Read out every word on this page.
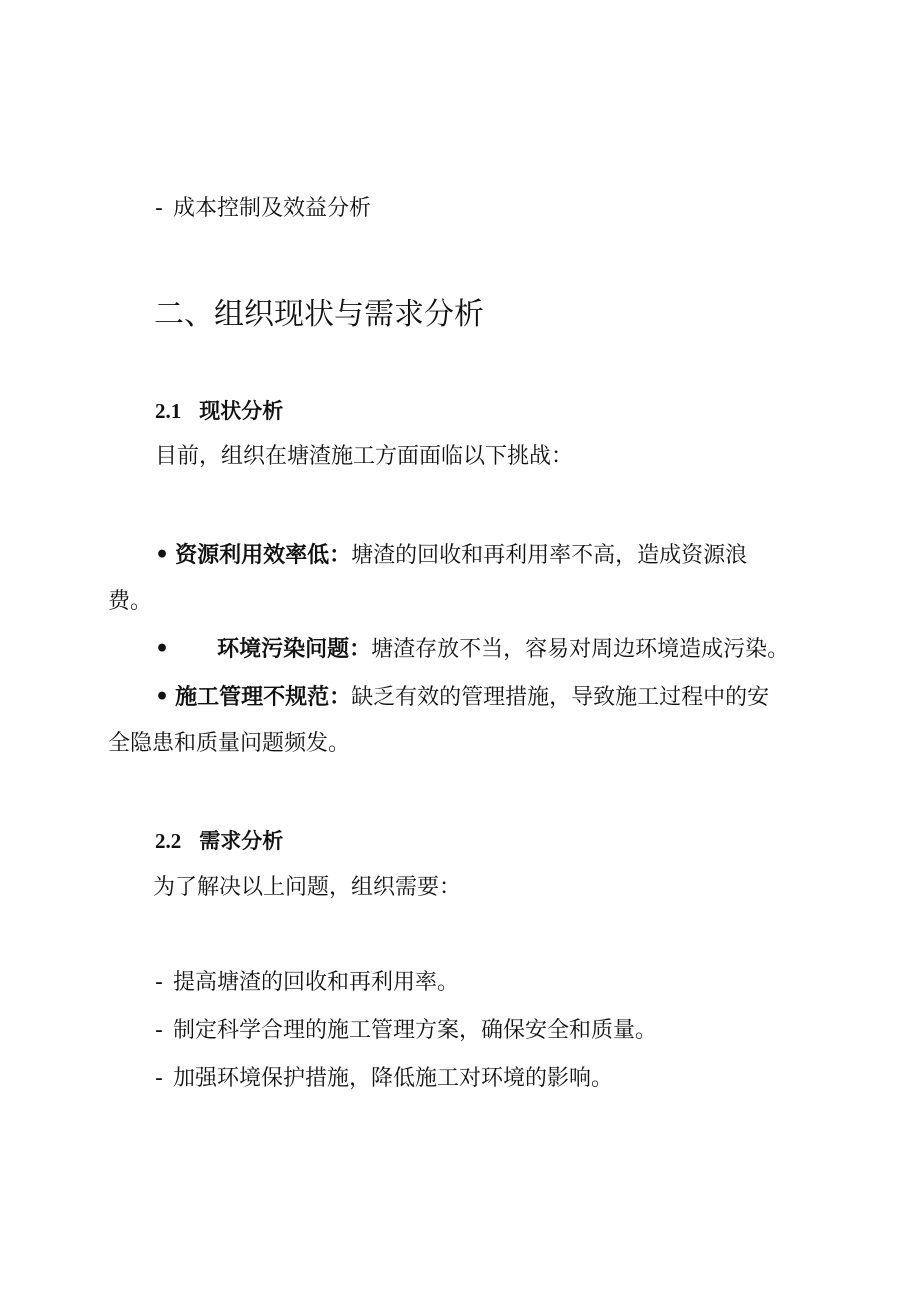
- 成本控制及效益分析
二、组织现状与需求分析
2.1 现状分析
目前，组织在塘渣施工方面面临以下挑战：
• 资源利用效率低：塘渣的回收和再利用率不高，造成资源浪
费。
• 环境污染问题：塘渣存放不当，容易对周边环境造成污染。
• 施工管理不规范：缺乏有效的管理措施，导致施工过程中的安
全隐患和质量问题频发。
2.2 需求分析
为了解决以上问题，组织需要：
- 提高塘渣的回收和再利用率。
- 制定科学合理的施工管理方案，确保安全和质量。
- 加强环境保护措施，降低施工对环境的影响。
